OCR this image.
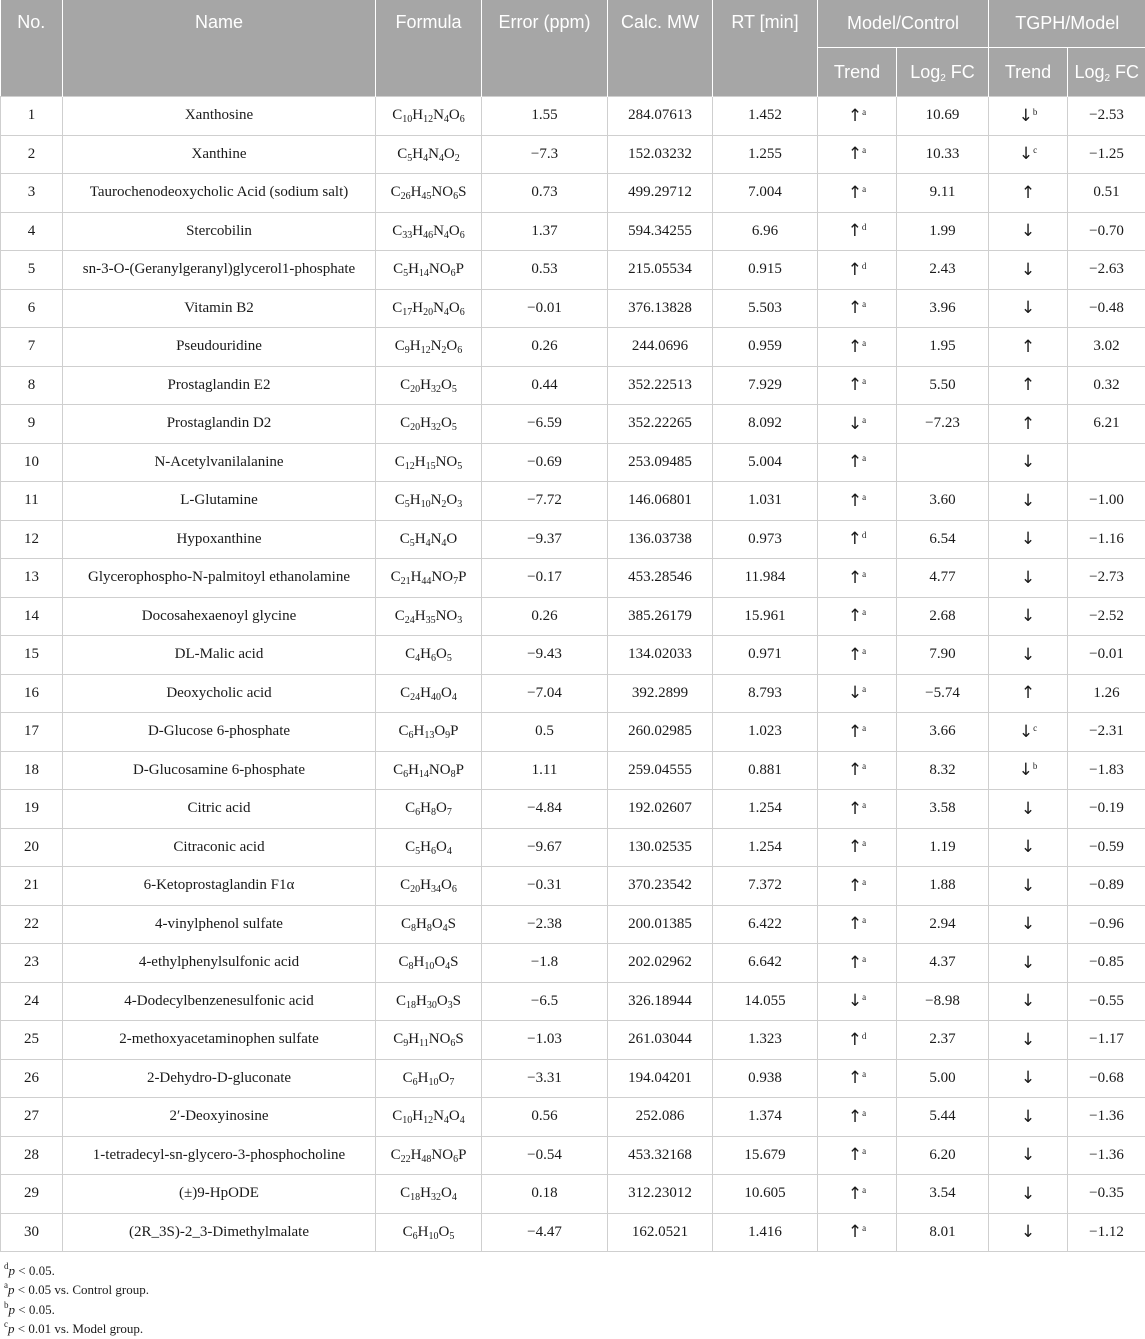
No.	Name	Formula	Error (ppm)	Calc. MW	RT [min]	Model/Control		TGPH/Model	
						Trend	Log$_2$ FC	Trend	Log$_2$ FC
1	Xanthosine	$C_{10}H_{12}N_4O_6$	1.55	284.07613	1.452	↑$^a$	10.69	↓$^b$	−2.53
2	Xanthine	$C_5H_4N_4O_2$	−7.3	152.03232	1.255	↑$^a$	10.33	↓$^c$	−1.25
3	Taurochenodeoxycholic Acid (sodium salt)	$C_{26}H_{45}NO_6S$	0.73	499.29712	7.004	↑$^a$	9.11	↑	0.51
4	Stercobilin	$C_{33}H_{46}N_4O_6$	1.37	594.34255	6.96	↑$^d$	1.99	↓	−0.70
5	sn-3-O-(Geranylgeranyl)glycerol1-phosphate	$C_5H_{14}NO_6P$	0.53	215.05534	0.915	↑$^d$	2.43	↓	−2.63
6	Vitamin B2	$C_{17}H_{20}N_4O_6$	−0.01	376.13828	5.503	↑$^a$	3.96	↓	−0.48
7	Pseudouridine	$C_9H_{12}N_2O_6$	0.26	244.0696	0.959	↑$^a$	1.95	↑	3.02
8	Prostaglandin E2	$C_{20}H_{32}O_5$	0.44	352.22513	7.929	↑$^a$	5.50	↑	0.32
9	Prostaglandin D2	$C_{20}H_{32}O_5$	−6.59	352.22265	8.092	↓$^a$	−7.23	↑	6.21
10	N-Acetylvanilalanine	$C_{12}H_{15}NO_5$	−0.69	253.09485	5.004	↑$^a$		↓	
11	L-Glutamine	$C_5H_{10}N_2O_3$	−7.72	146.06801	1.031	↑$^a$	3.60	↓	−1.00
12	Hypoxanthine	$C_5H_4N_4O$	−9.37	136.03738	0.973	↑$^d$	6.54	↓	−1.16
13	Glycerophospho-N-palmitoyl ethanolamine	$C_{21}H_{44}NO_7P$	−0.17	453.28546	11.984	↑$^a$	4.77	↓	−2.73
14	Docosahexaenoyl glycine	$C_{24}H_{35}NO_3$	0.26	385.26179	15.961	↑$^a$	2.68	↓	−2.52
15	DL-Malic acid	$C_4H_6O_5$	−9.43	134.02033	0.971	↑$^a$	7.90	↓	−0.01
16	Deoxycholic acid	$C_{24}H_{40}O_4$	−7.04	392.2899	8.793	↓$^a$	−5.74	↑	1.26
17	D-Glucose 6-phosphate	$C_6H_{13}O_9P$	0.5	260.02985	1.023	↑$^a$	3.66	↓$^c$	−2.31
18	D-Glucosamine 6-phosphate	$C_6H_{14}NO_8P$	1.11	259.04555	0.881	↑$^a$	8.32	↓$^b$	−1.83
19	Citric acid	$C_6H_8O_7$	−4.84	192.02607	1.254	↑$^a$	3.58	↓	−0.19
20	Citraconic acid	$C_5H_6O_4$	−9.67	130.02535	1.254	↑$^a$	1.19	↓	−0.59
21	6-Ketoprostaglandin F1α	$C_{20}H_{34}O_6$	−0.31	370.23542	7.372	↑$^a$	1.88	↓	−0.89
22	4-vinylphenol sulfate	$C_8H_8O_4S$	−2.38	200.01385	6.422	↑$^a$	2.94	↓	−0.96
23	4-ethylphenylsulfonic acid	$C_8H_{10}O_4S$	−1.8	202.02962	6.642	↑$^a$	4.37	↓	−0.85
24	4-Dodecylbenzenesulfonic acid	$C_{18}H_{30}O_3S$	−6.5	326.18944	14.055	↓$^a$	−8.98	↓	−0.55
25	2-methoxyacetaminophen sulfate	$C_9H_{11}NO_6S$	−1.03	261.03044	1.323	↑$^d$	2.37	↓	−1.17
26	2-Dehydro-D-gluconate	$C_6H_{10}O_7$	−3.31	194.04201	0.938	↑$^a$	5.00	↓	−0.68
27	2′-Deoxyinosine	$C_{10}H_{12}N_4O_4$	0.56	252.086	1.374	↑$^a$	5.44	↓	−1.36
28	1-tetradecyl-sn-glycero-3-phosphocholine	$C_{22}H_{48}NO_6P$	−0.54	453.32168	15.679	↑$^a$	6.20	↓	−1.36
29	(±)9-HpODE	$C_{18}H_{32}O_4$	0.18	312.23012	10.605	↑$^a$	3.54	↓	−0.35
30	(2R_3S)-2_3-Dimethylmalate	$C_6H_{10}O_5$	−4.47	162.0521	1.416	↑$^a$	8.01	↓	−1.12
$^d$p < 0.05.
$^a$p < 0.05 vs. Control group.
$^b$p < 0.05.
$^c$p < 0.01 vs. Model group.
